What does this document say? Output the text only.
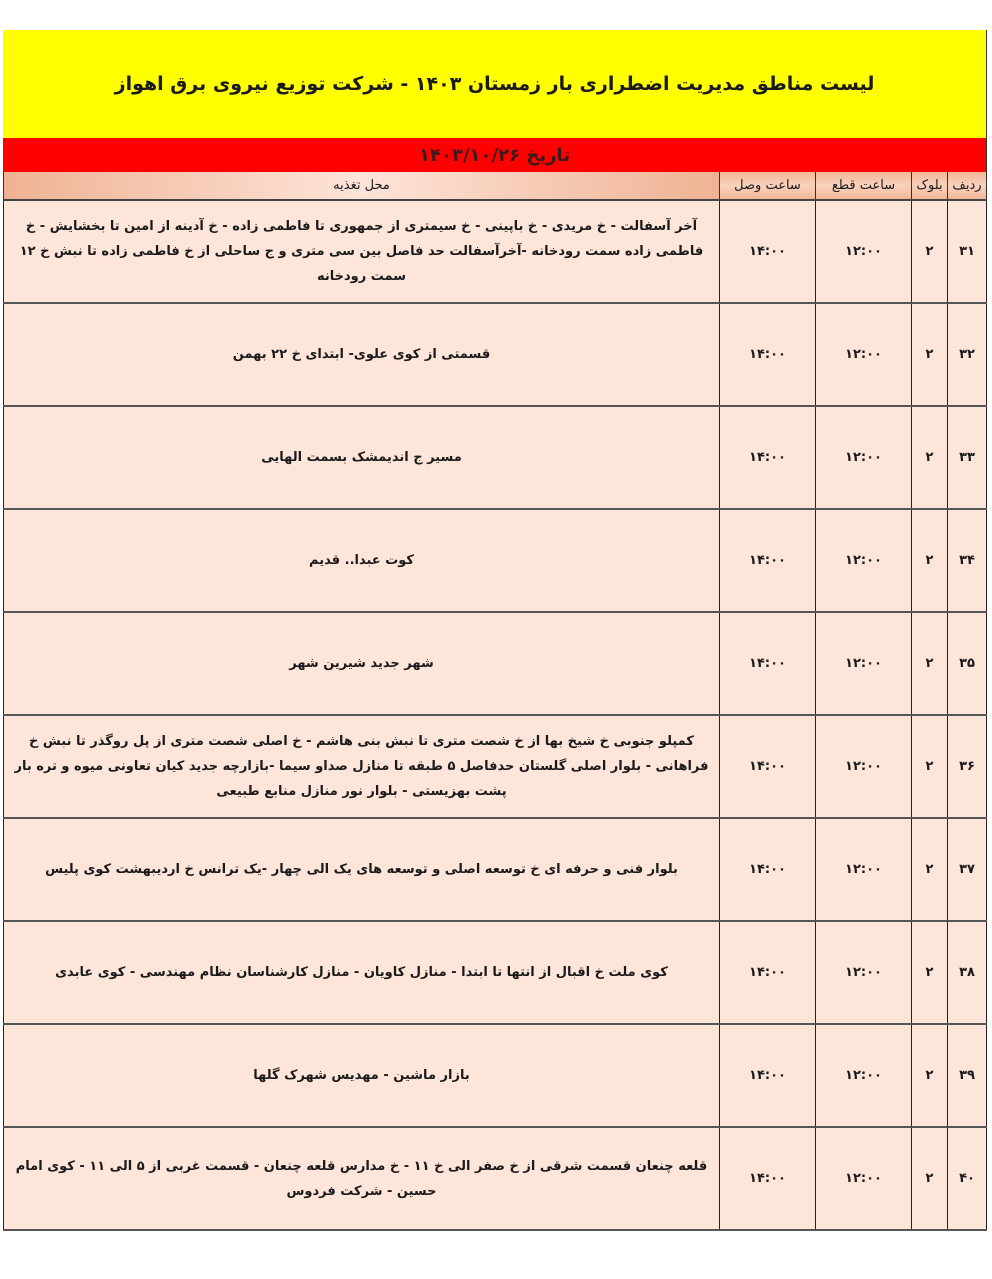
لیست مناطق مدیریت اضطراری بار زمستان ۱۴۰۳ - شرکت توزیع نیروی برق اهواز
تاریخ ۱۴۰۳/۱۰/۲۶
ردیف	بلوک	ساعت قطع	ساعت وصل	محل تغذیه
۳۱	۲	۱۲:۰۰	۱۴:۰۰	آخر آسفالت - خ مریدی - خ باپینی - خ سیمتری از جمهوری تا فاطمی زاده - خ آدینه از امین تا بخشایش - خ فاطمی زاده سمت رودخانه -آخرآسفالت حد فاصل بین سی متری و ج ساحلی از خ فاطمی زاده تا نبش خ ۱۲ سمت رودخانه
۳۲	۲	۱۲:۰۰	۱۴:۰۰	قسمتی از کوی علوی- ابتدای خ ۲۲ بهمن
۳۳	۲	۱۲:۰۰	۱۴:۰۰	مسیر ج اندیمشک بسمت الهایی
۳۴	۲	۱۲:۰۰	۱۴:۰۰	کوت عبدا.. قدیم
۳۵	۲	۱۲:۰۰	۱۴:۰۰	شهر جدید شیرین شهر
۳۶	۲	۱۲:۰۰	۱۴:۰۰	کمپلو جنوبی خ شیخ بها از خ شصت متری تا نبش بنی هاشم - خ اصلی شصت متری از پل روگذر تا نبش خ فراهانی - بلوار اصلی گلستان حدفاصل ۵ طبقه تا منازل صداو سیما -بازارچه جدید کیان تعاونی میوه و تره بار پشت بهزیستی - بلوار نور منازل منابع طبیعی
۳۷	۲	۱۲:۰۰	۱۴:۰۰	بلوار فنی و حرفه ای خ توسعه اصلی و توسعه های یک الی چهار -یک ترانس خ اردیبهشت کوی پلیس
۳۸	۲	۱۲:۰۰	۱۴:۰۰	کوی ملت خ اقبال از انتها تا ابتدا - منازل کاویان - منازل کارشناسان نظام مهندسی - کوی عابدی
۳۹	۲	۱۲:۰۰	۱۴:۰۰	بازار ماشین - مهدیس شهرک گلها
۴۰	۲	۱۲:۰۰	۱۴:۰۰	قلعه چنعان قسمت شرقی از خ صفر الی خ ۱۱ - خ مدارس قلعه چنعان - قسمت غربی از ۵ الی ۱۱ - کوی امام حسین - شرکت فردوس
